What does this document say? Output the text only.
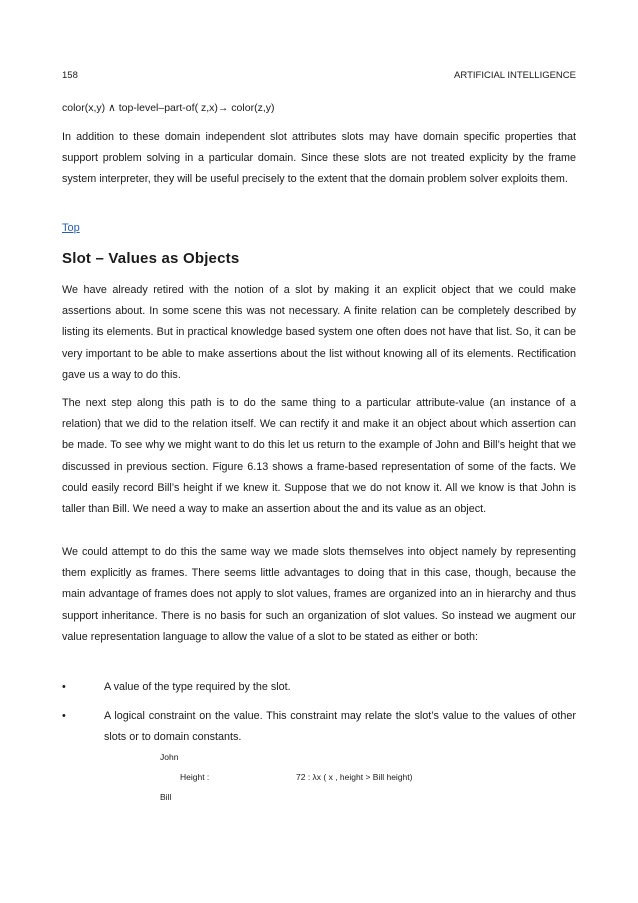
158	ARTIFICIAL INTELLIGENCE
color(x,y) ∧ top-level–part-of( z,x)→ color(z,y)

In addition to these domain independent slot attributes slots may have domain specific properties that support problem solving in a particular domain. Since these slots are not treated explicity by the frame system interpreter, they will be useful precisely to the extent that the domain problem solver exploits them.

Top
Slot – Values as Objects

We have already retired with the notion of a slot by making it an explicit object that we could make assertions about. In some scene this was not necessary. A finite relation can be completely described by listing its elements. But in practical knowledge based system one often does not have that list. So, it can be very important to be able to make assertions about the list without knowing all of its elements. Rectification gave us a way to do this.

The next step along this path is to do the same thing to a particular attribute-value (an instance of a relation) that we did to the relation itself. We can rectify it and make it an object about which assertion can be made. To see why we might want to do this let us return to the example of John and Bill’s height that we discussed in previous section. Figure 6.13 shows a frame-based representation of some of the facts. We could easily record Bill’s height if we knew it. Suppose that we do not know it. All we know is that John is taller than Bill. We need a way to make an assertion about the and its value as an object.

We could attempt to do this the same way we made slots themselves into object namely by representing them explicitly as frames. There seems little advantages to doing that in this case, though, because the main advantage of frames does not apply to slot values, frames are organized into an in hierarchy and thus support inheritance. There is no basis for such an organization of slot values. So instead we augment our value representation language to allow the value of a slot to be stated as either or both:

•	A value of the type required by the slot.
•	A logical constraint on the value. This constraint may relate the slot’s value to the values of other slots or to domain constants.
John
Height :	72 : λx ( x , height > Bill height)
Bill
